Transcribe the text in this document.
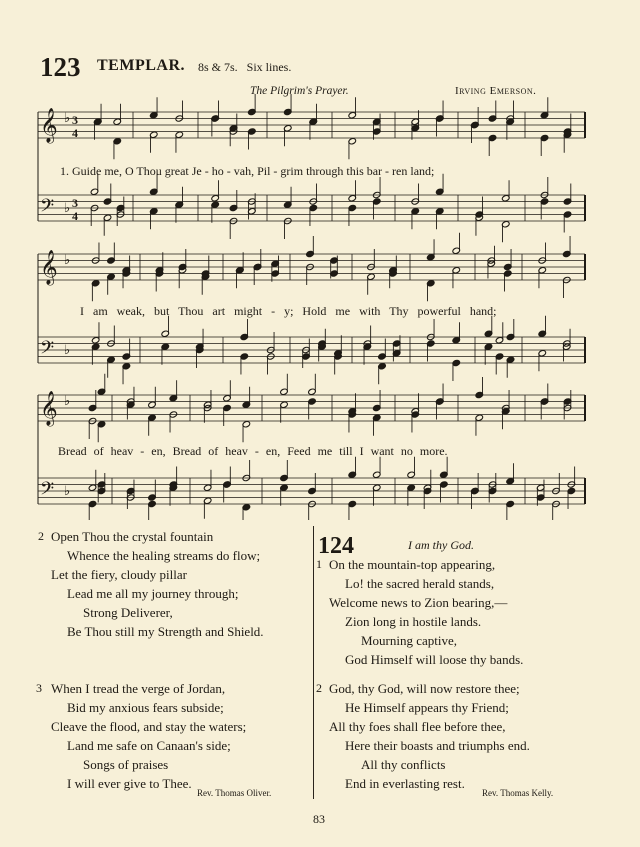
123 TEMPLAR. 8s & 7s.   Six lines.
The Pilgrim's Prayer.	Irving Emerson.
𝄞 ♭ 3
4
𝄢 ♭ 3
4
𝄞 ♭
𝄢 ♭
𝄞 ♭
𝄢 ♭
1. Guide me, O Thou great Je - ho - vah, Pil - grim through this bar - ren land;
I am weak, but Thou art might - y; Hold me with Thy powerful hand;
Bread of heav - en, Bread of heav - en, Feed me till I want no more.
2 Open Thou the crystal fountain
Whence the healing streams do flow;
Let the fiery, cloudy pillar
Lead me all my journey through;
Strong Deliverer,
Be Thou still my Strength and Shield.
3 When I tread the verge of Jordan,
Bid my anxious fears subside;
Cleave the flood, and stay the waters;
Land me safe on Canaan's side;
Songs of praises
I will ever give to Thee.
Rev. Thomas Oliver.
124	I am thy God.
1 On the mountain-top appearing,
Lo! the sacred herald stands,
Welcome news to Zion bearing,—
Zion long in hostile lands.
Mourning captive,
God Himself will loose thy bands.
2 God, thy God, will now restore thee;
He Himself appears thy Friend;
All thy foes shall flee before thee,
Here their boasts and triumphs end.
All thy conflicts
End in everlasting rest.
Rev. Thomas Kelly.
83
